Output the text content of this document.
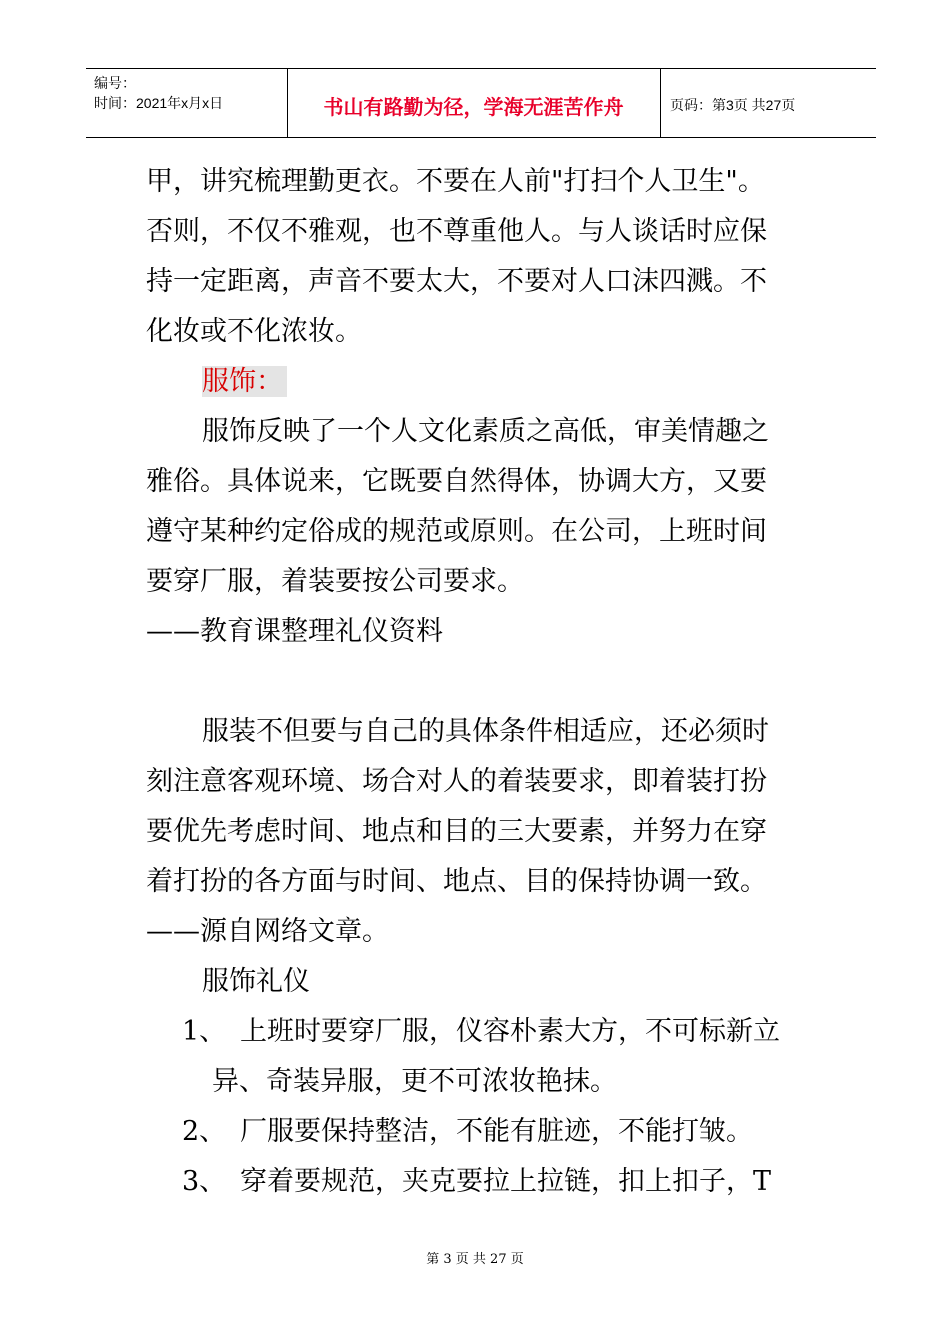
编号：
时间：2021年x月x日	书山有路勤为径，学海无涯苦作舟	页码：第3页 共27页
甲，讲究梳理勤更衣。不要在人前"打扫个人卫生"。
否则，不仅不雅观，也不尊重他人。与人谈话时应保
持一定距离，声音不要太大，不要对人口沫四溅。不
化妆或不化浓妆。
服饰：
服饰反映了一个人文化素质之高低，审美情趣之
雅俗。具体说来，它既要自然得体，协调大方，又要
遵守某种约定俗成的规范或原则。在公司，上班时间
要穿厂服，着装要按公司要求。
——教育课整理礼仪资料
服装不但要与自己的具体条件相适应，还必须时
刻注意客观环境、场合对人的着装要求，即着装打扮
要优先考虑时间、地点和目的三大要素，并努力在穿
着打扮的各方面与时间、地点、目的保持协调一致。
——源自网络文章。
服饰礼仪
1、 上班时要穿厂服，仪容朴素大方，不可标新立
异、奇装异服，更不可浓妆艳抹。
2、 厂服要保持整洁，不能有脏迹，不能打皱。
3、 穿着要规范，夹克要拉上拉链，扣上扣子，T
第 3 页 共 27 页
